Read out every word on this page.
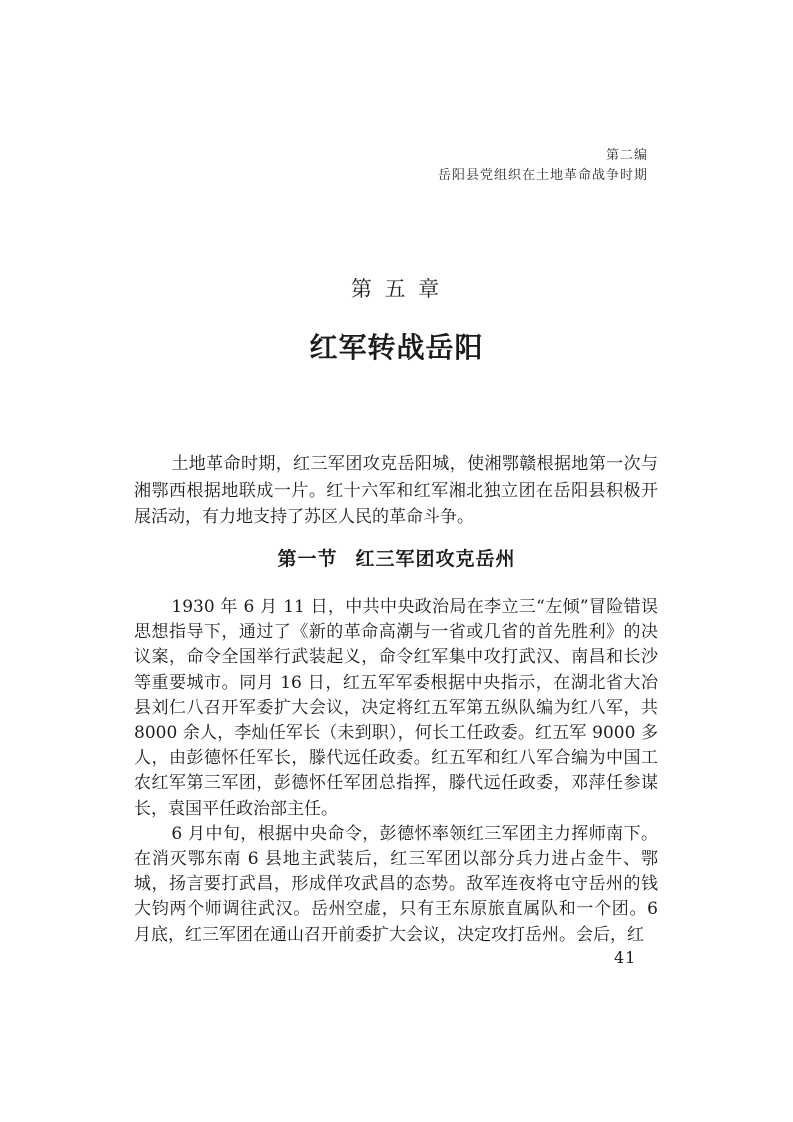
第二编
岳阳县党组织在土地革命战争时期
第 五 章
红军转战岳阳

土地革命时期，红三军团攻克岳阳城，使湘鄂赣根据地第一次与湘鄂西根据地联成一片。红十六军和红军湘北独立团在岳阳县积极开展活动，有力地支持了苏区人民的革命斗争。

第一节 红三军团攻克岳州

1930 年 6 月 11 日，中共中央政治局在李立三“左倾”冒险错误思想指导下，通过了《新的革命高潮与一省或几省的首先胜利》的决议案，命令全国举行武装起义，命令红军集中攻打武汉、南昌和长沙等重要城市。同月 16 日，红五军军委根据中央指示，在湖北省大冶县刘仁八召开军委扩大会议，决定将红五军第五纵队编为红八军，共 8000 余人，李灿任军长（未到职），何长工任政委。红五军 9000 多人，由彭德怀任军长，滕代远任政委。红五军和红八军合编为中国工农红军第三军团，彭德怀任军团总指挥，滕代远任政委，邓萍任参谋长，袁国平任政治部主任。

6 月中旬，根据中央命令，彭德怀率领红三军团主力挥师南下。在消灭鄂东南 6 县地主武装后，红三军团以部分兵力进占金牛、鄂城，扬言要打武昌，形成佯攻武昌的态势。敌军连夜将屯守岳州的钱大钧两个师调往武汉。岳州空虚，只有王东原旅直属队和一个团。6 月底，红三军团在通山召开前委扩大会议，决定攻打岳州。会后，红

41
